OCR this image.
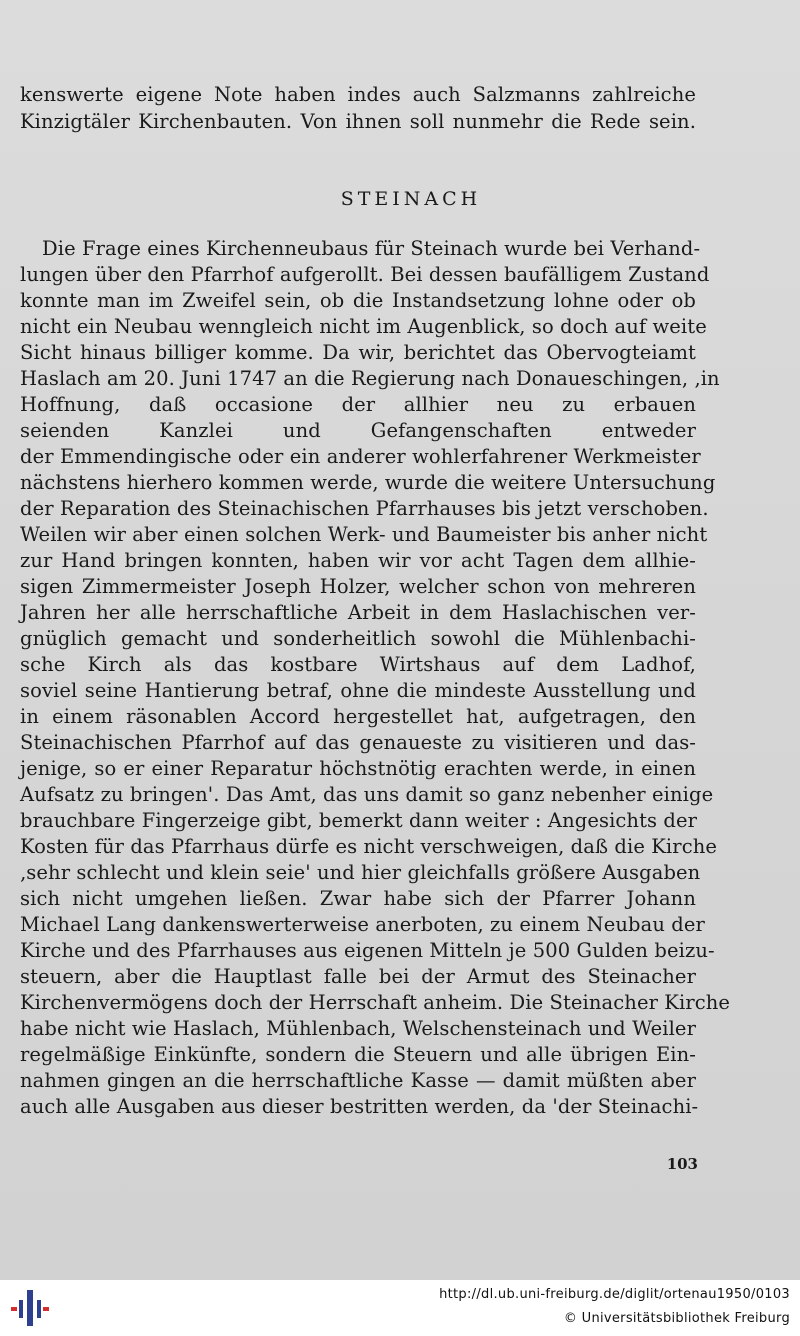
kenswerte eigene Note haben indes auch Salzmanns zahlreiche
Kinzigtäler Kirchenbauten. Von ihnen soll nunmehr die Rede sein.
STEINACH
Die Frage eines Kirchenneubaus für Steinach wurde bei Verhand-
lungen über den Pfarrhof aufgerollt. Bei dessen baufälligem Zustand
konnte man im Zweifel sein, ob die Instandsetzung lohne oder ob
nicht ein Neubau wenngleich nicht im Augenblick, so doch auf weite
Sicht hinaus billiger komme. Da wir, berichtet das Obervogteiamt
Haslach am 20. Juni 1747 an die Regierung nach Donaueschingen, ‚in
Hoffnung, daß occasione der allhier neu zu erbauen
seienden Kanzlei und Gefangenschaften entweder
der Emmendingische oder ein anderer wohlerfahrener Werkmeister
nächstens hierhero kommen werde, wurde die weitere Untersuchung
der Reparation des Steinachischen Pfarrhauses bis jetzt verschoben.
Weilen wir aber einen solchen Werk- und Baumeister bis anher nicht
zur Hand bringen konnten, haben wir vor acht Tagen dem allhie-
sigen Zimmermeister Joseph Holzer, welcher schon von mehreren
Jahren her alle herrschaftliche Arbeit in dem Haslachischen ver-
gnüglich gemacht und sonderheitlich sowohl die Mühlenbachi-
sche Kirch als das kostbare Wirtshaus auf dem Ladhof,
soviel seine Hantierung betraf, ohne die mindeste Ausstellung und
in einem räsonablen Accord hergestellet hat, aufgetragen, den
Steinachischen Pfarrhof auf das genaueste zu visitieren und das-
jenige, so er einer Reparatur höchstnötig erachten werde, in einen
Aufsatz zu bringen'. Das Amt, das uns damit so ganz nebenher einige
brauchbare Fingerzeige gibt, bemerkt dann weiter : Angesichts der
Kosten für das Pfarrhaus dürfe es nicht verschweigen, daß die Kirche
‚sehr schlecht und klein seie' und hier gleichfalls größere Ausgaben
sich nicht umgehen ließen. Zwar habe sich der Pfarrer Johann
Michael Lang dankenswerterweise anerboten, zu einem Neubau der
Kirche und des Pfarrhauses aus eigenen Mitteln je 500 Gulden beizu-
steuern, aber die Hauptlast falle bei der Armut des Steinacher
Kirchenvermögens doch der Herrschaft anheim. Die Steinacher Kirche
habe nicht wie Haslach, Mühlenbach, Welschensteinach und Weiler
regelmäßige Einkünfte, sondern die Steuern und alle übrigen Ein-
nahmen gingen an die herrschaftliche Kasse — damit müßten aber
auch alle Ausgaben aus dieser bestritten werden, da 'der Steinachi-
103
http://dl.ub.uni-freiburg.de/diglit/ortenau1950/0103
© Universitätsbibliothek Freiburg
